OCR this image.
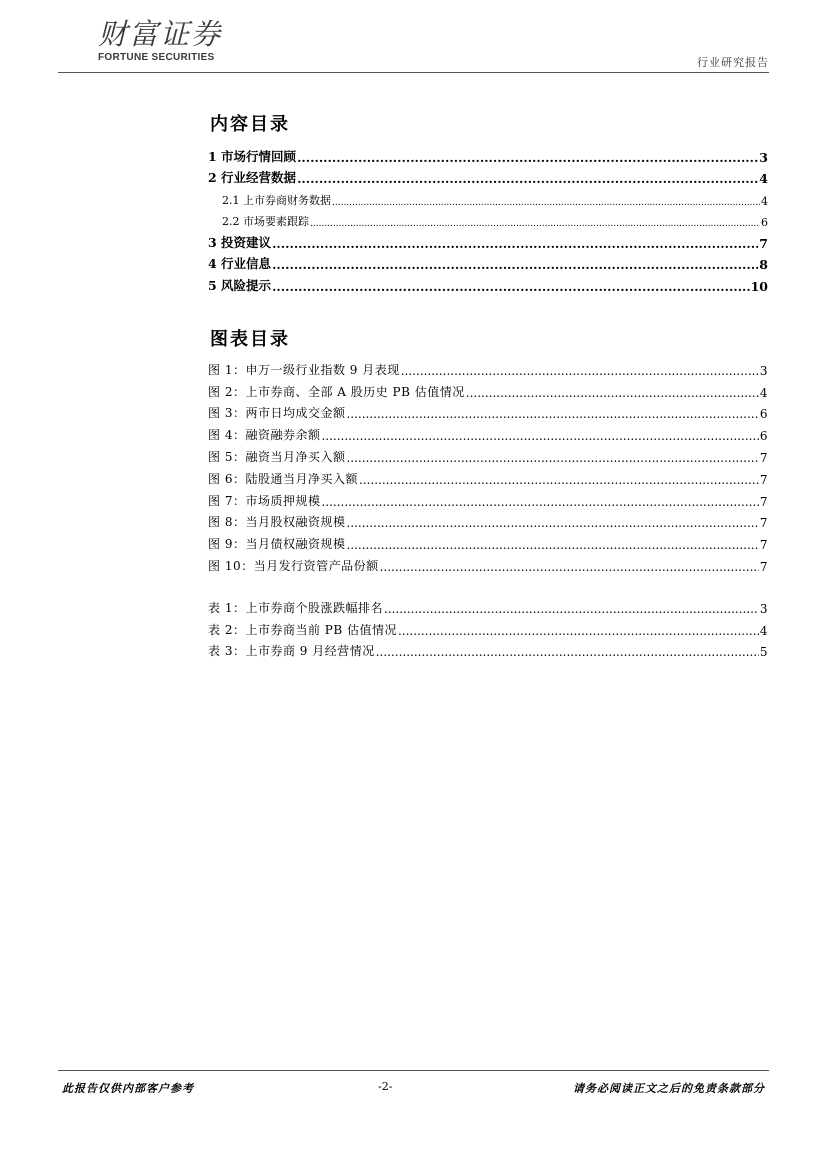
财富证券
FORTUNE SECURITIES	行业研究报告
内容目录
1 市场行情回顾 .....	3
2 行业经营数据 .....	4
2.1 上市券商财务数据 .....	4
2.2 市场要素跟踪 .....	6
3 投资建议 .....	7
4 行业信息 .....	8
5 风险提示 .....	10
图表目录
图 1：申万一级行业指数 9 月表现 .....	3
图 2：上市券商、全部 A 股历史 PB 估值情况 .....	4
图 3：两市日均成交金额 .....	6
图 4：融资融券余额 .....	6
图 5：融资当月净买入额 .....	7
图 6：陆股通当月净买入额 .....	7
图 7：市场质押规模 .....	7
图 8：当月股权融资规模 .....	7
图 9：当月债权融资规模 .....	7
图 10：当月发行资管产品份额 .....	7
表 1：上市券商个股涨跌幅排名 .....	3
表 2：上市券商当前 PB 估值情况 .....	4
表 3：上市券商 9 月经营情况 .....	5
此报告仅供内部客户参考	-2-	请务必阅读正文之后的免责条款部分
